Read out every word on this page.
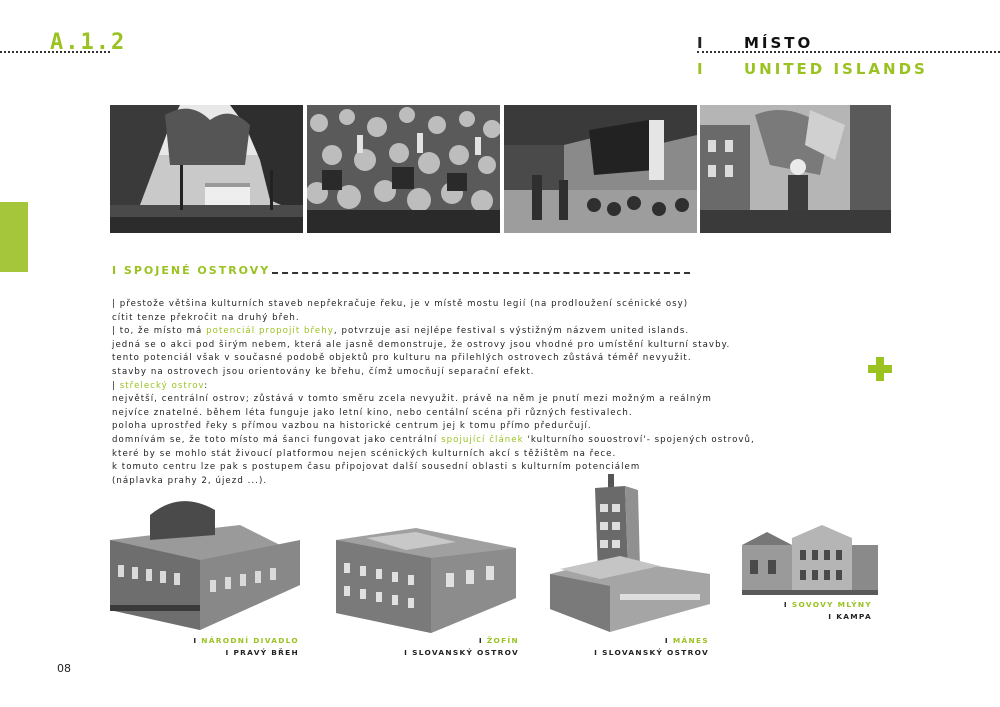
A.1.2	I	MÍSTO
I	UNITED ISLANDS
I SPOJENÉ OSTROVY

| přestože většina kulturních staveb nepřekračuje řeku, je v místě mostu legií (na prodloužení scénické osy)

cítit tenze překročit na druhý břeh.

| to, že místo má potenciál propojit břehy, potvrzuje asi nejlépe festival s výstižným názvem united islands.

jedná se o akci pod širým nebem, která ale jasně demonstruje, že ostrovy jsou vhodné pro umístění kulturní stavby.

tento potenciál však v současné podobě objektů pro kulturu na přilehlých ostrovech zůstává téměř nevyužit.

stavby na ostrovech jsou orientovány ke břehu, čímž umocňují separační efekt.

| střelecký ostrov:

největší, centrální ostrov; zůstává v tomto směru zcela nevyužit. právě na něm je pnutí mezi možným a reálným

nejvíce znatelné. během léta funguje jako letní kino, nebo centální scéna při různých festivalech.

poloha uprostřed řeky s přímou vazbou na historické centrum jej k tomu přímo předurčují.

domnívám se, že toto místo má šanci fungovat jako centrální spojující článek 'kulturního souostroví'- spojených ostrovů,

které by se mohlo stát živoucí platformou nejen scénických kulturních akcí s těžištěm na řece.

k tomuto centru lze pak s postupem času připojovat další sousední oblasti s kulturním potenciálem

(náplavka prahy 2, újezd ...).

I NÁRODNÍ DIVADLO
I PRAVÝ BŘEH
I ŽOFÍN
I SLOVANSKÝ OSTROV
I MÁNES
I SLOVANSKÝ OSTROV
I SOVOVY MLÝNY
I KAMPA
08
